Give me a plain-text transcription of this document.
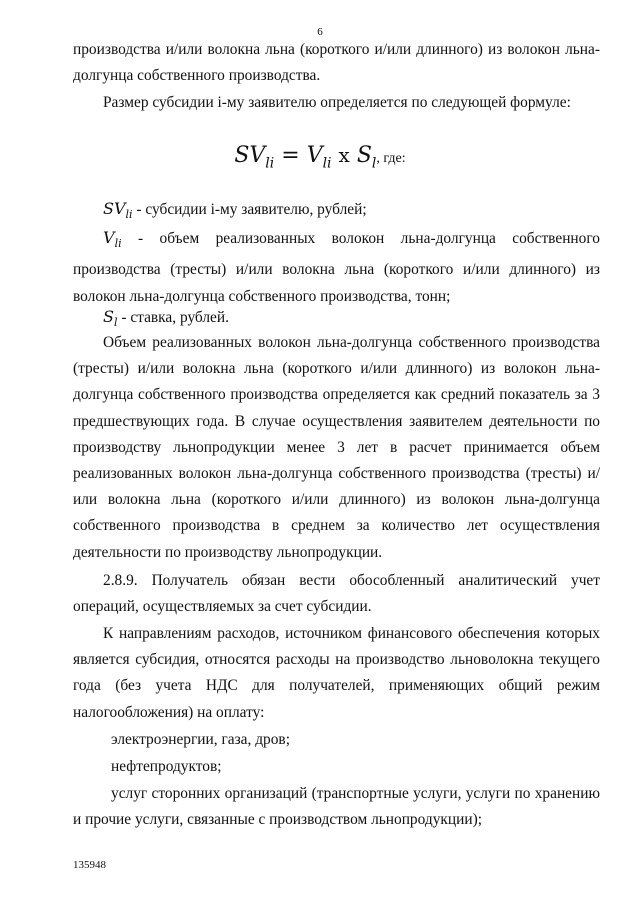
6

производства и/или волокна льна (короткого и/или длинного) из волокон льна-долгунца собственного производства.

Размер субсидии i-му заявителю определяется по следующей формуле:

$SV_{li} = V_{li}$ x $S_l$, где:

$SV_{li}$ - субсидии i-му заявителю, рублей;

$V_{li}$ - объем реализованных волокон льна-долгунца собственного производства (тресты) и/или волокна льна (короткого и/или длинного) из волокон льна-долгунца собственного производства, тонн;

$S_l$ - ставка, рублей.

Объем реализованных волокон льна-долгунца собственного производства (тресты) и/или волокна льна (короткого и/или длинного) из волокон льна-долгунца собственного производства определяется как средний показатель за 3 предшествующих года. В случае осуществления заявителем деятельности по производству льнопродукции менее 3 лет в расчет принимается объем реализованных волокон льна-долгунца собственного производства (тресты) и/или волокна льна (короткого и/или длинного) из волокон льна-долгунца собственного производства в среднем за количество лет осуществления деятельности по производству льнопродукции.

2.8.9. Получатель обязан вести обособленный аналитический учет операций, осуществляемых за счет субсидии.

К направлениям расходов, источником финансового обеспечения которых является субсидия, относятся расходы на производство льноволокна текущего года (без учета НДС для получателей, применяющих общий режим налогообложения) на оплату:

электроэнергии, газа, дров;

нефтепродуктов;

услуг сторонних организаций (транспортные услуги, услуги по хранению и прочие услуги, связанные с производством льнопродукции);

135948
